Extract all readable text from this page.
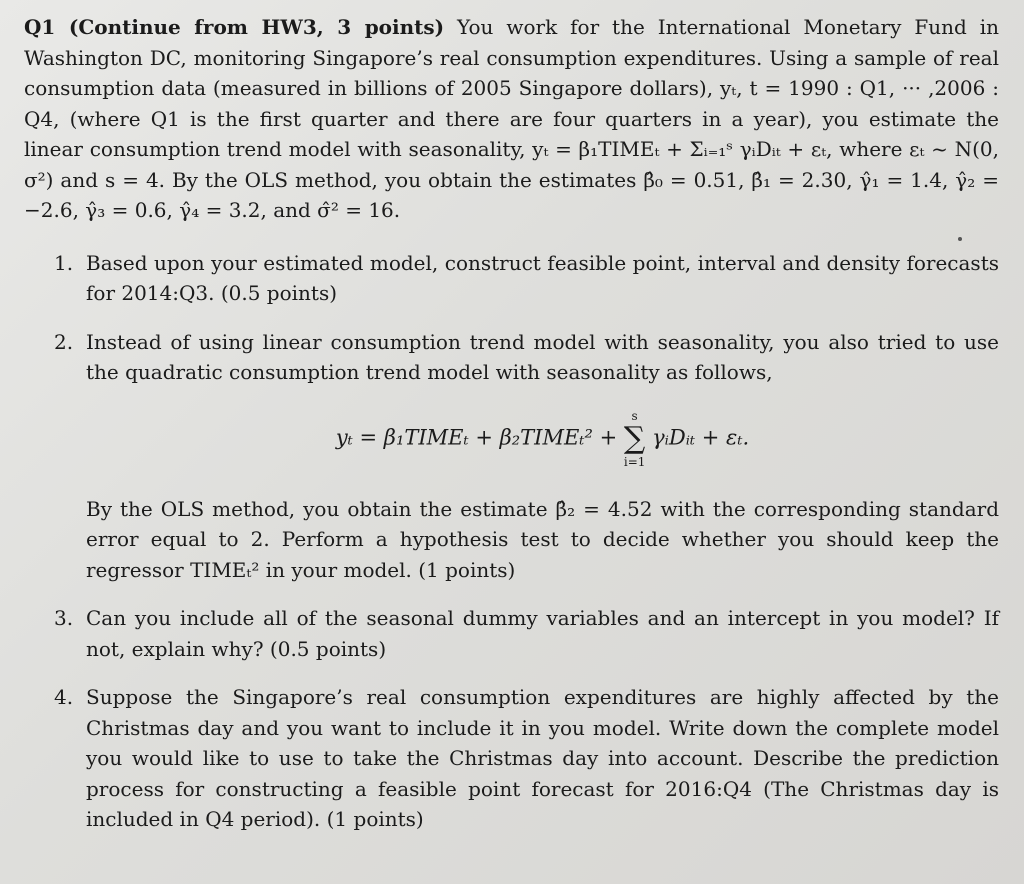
Q1 (Continue from HW3, 3 points) You work for the International Monetary Fund in Washington DC, monitoring Singapore’s real consumption expenditures. Using a sample of real consumption data (measured in billions of 2005 Singapore dollars), yₜ, t = 1990 : Q1, ··· ,2006 : Q4, (where Q1 is the first quarter and there are four quarters in a year), you estimate the linear consumption trend model with seasonality, yₜ = β₁TIMEₜ + Σᵢ₌₁ˢ γᵢDᵢₜ + εₜ, where εₜ ~ N(0, σ²) and s = 4. By the OLS method, you obtain the estimates β̂₀ = 0.51, β̂₁ = 2.30, γ̂₁ = 1.4, γ̂₂ = −2.6, γ̂₃ = 0.6, γ̂₄ = 3.2, and σ̂² = 16.

1. Based upon your estimated model, construct feasible point, interval and density forecasts for 2014:Q3. (0.5 points)
2. Instead of using linear consumption trend model with seasonality, you also tried to use the quadratic consumption trend model with seasonality as follows,
yₜ = β₁TIMEₜ + β₂TIMEₜ² +
s
∑
i=1
γᵢDᵢₜ + εₜ.
By the OLS method, you obtain the estimate β̂₂ = 4.52 with the corresponding standard error equal to 2. Perform a hypothesis test to decide whether you should keep the regressor TIMEₜ² in your model. (1 points)
3. Can you include all of the seasonal dummy variables and an intercept in you model? If not, explain why? (0.5 points)
4. Suppose the Singapore’s real consumption expenditures are highly affected by the Christmas day and you want to include it in you model. Write down the complete model you would like to use to take the Christmas day into account. Describe the prediction process for constructing a feasible point forecast for 2016:Q4 (The Christmas day is included in Q4 period). (1 points)
